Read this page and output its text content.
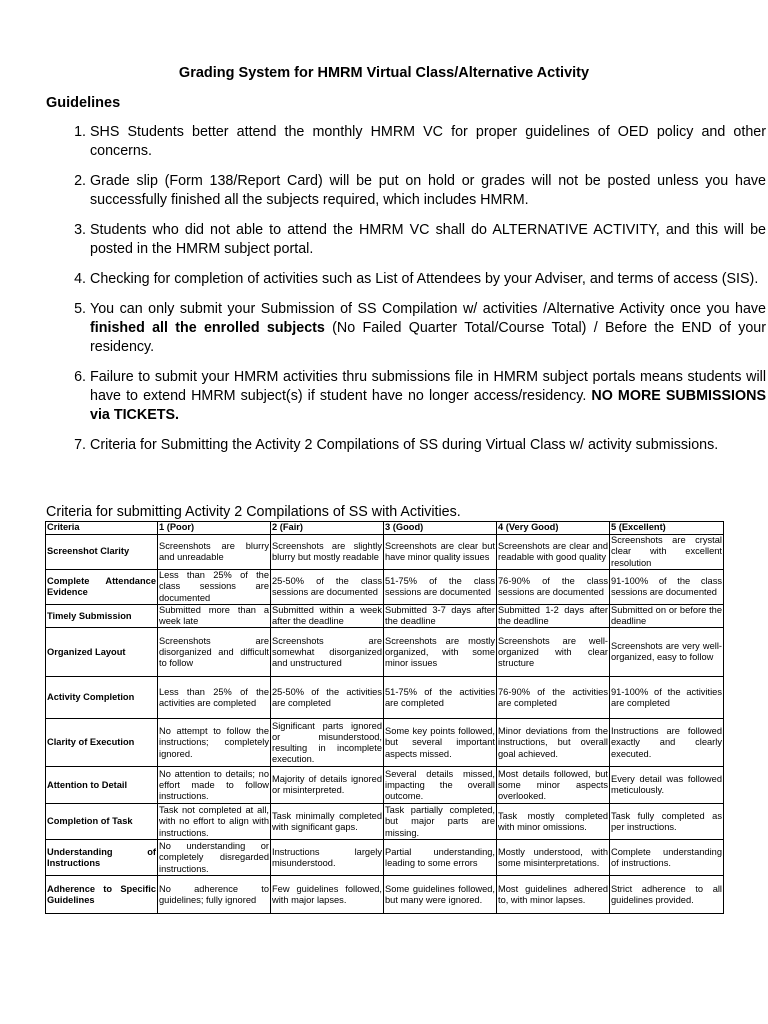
Grading System for HMRM Virtual Class/Alternative Activity
Guidelines
1. SHS Students better attend the monthly HMRM VC for proper guidelines of OED policy and other concerns.
2. Grade slip (Form 138/Report Card) will be put on hold or grades will not be posted unless you have successfully finished all the subjects required, which includes HMRM.
3. Students who did not able to attend the HMRM VC shall do ALTERNATIVE ACTIVITY, and this will be posted in the HMRM subject portal.
4. Checking for completion of activities such as List of Attendees by your Adviser, and terms of access (SIS).
5. You can only submit your Submission of SS Compilation w/ activities /Alternative Activity once you have finished all the enrolled subjects (No Failed Quarter Total/Course Total) / Before the END of your residency.
6. Failure to submit your HMRM activities thru submissions file in HMRM subject portals means students will have to extend HMRM subject(s) if student have no longer access/residency. NO MORE SUBMISSIONS via TICKETS.
7. Criteria for Submitting the Activity 2 Compilations of SS during Virtual Class w/ activity submissions.
Criteria for submitting Activity 2 Compilations of SS with Activities.
Criteria	1 (Poor)	2 (Fair)	3 (Good)	4 (Very Good)	5 (Excellent)
Screenshot Clarity	Screenshots are blurry and unreadable	Screenshots are slightly blurry but mostly readable	Screenshots are clear but have minor quality issues	Screenshots are clear and readable with good quality	Screenshots are crystal clear with excellent resolution
Complete Attendance Evidence	Less than 25% of the class sessions are documented	25-50% of the class sessions are documented	51-75% of the class sessions are documented	76-90% of the class sessions are documented	91-100% of the class sessions are documented
Timely Submission	Submitted more than a week late	Submitted within a week after the deadline	Submitted 3-7 days after the deadline	Submitted 1-2 days after the deadline	Submitted on or before the deadline
Organized Layout	Screenshots are disorganized and difficult to follow	Screenshots are somewhat disorganized and unstructured	Screenshots are mostly organized, with some minor issues	Screenshots are well-organized with clear structure	Screenshots are very well-organized, easy to follow
Activity Completion	Less than 25% of the activities are completed	25-50% of the activities are completed	51-75% of the activities are completed	76-90% of the activities are completed	91-100% of the activities are completed
Clarity of Execution	No attempt to follow the instructions; completely ignored.	Significant parts ignored or misunderstood, resulting in incomplete execution.	Some key points followed, but several important aspects missed.	Minor deviations from the instructions, but overall goal achieved.	Instructions are followed exactly and clearly executed.
Attention to Detail	No attention to details; no effort made to follow instructions.	Majority of details ignored or misinterpreted.	Several details missed, impacting the overall outcome.	Most details followed, but some minor aspects overlooked.	Every detail was followed meticulously.
Completion of Task	Task not completed at all, with no effort to align with instructions.	Task minimally completed with significant gaps.	Task partially completed, but major parts are missing.	Task mostly completed with minor omissions.	Task fully completed as per instructions.
Understanding of Instructions	No understanding or completely disregarded instructions.	Instructions largely misunderstood.	Partial understanding, leading to some errors	Mostly understood, with some misinterpretations.	Complete understanding of instructions.
Adherence to Specific Guidelines	No adherence to guidelines; fully ignored	Few guidelines followed, with major lapses.	Some guidelines followed, but many were ignored.	Most guidelines adhered to, with minor lapses.	Strict adherence to all guidelines provided.
